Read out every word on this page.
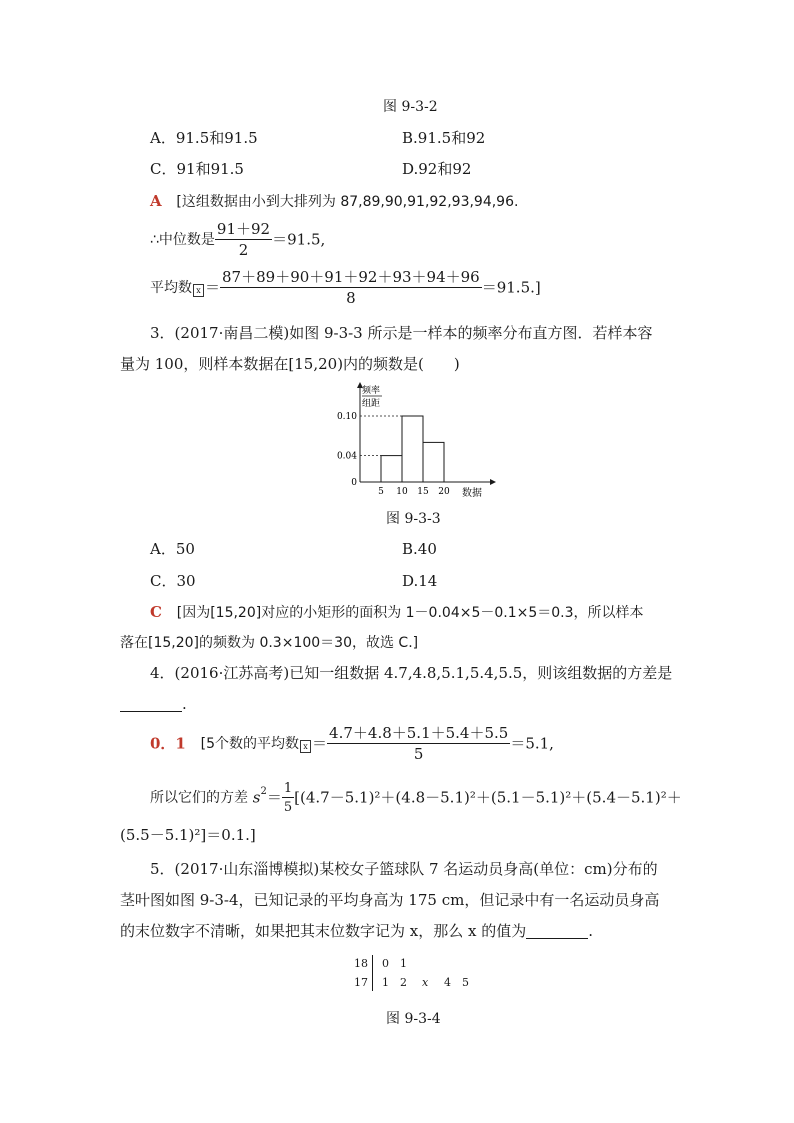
图 9-3-2
A．91.5和91.5	B.91.5和92
C．91和91.5	D.92和92
A [这组数据由小到大排列为 87,89,90,91,92,93,94,96.
∴中位数是 $\frac{91+92}{2} =91.5$,
平均数 $x = \frac{87+89+90+91+92+93+94+96}{8} =91.5$.]
3．(2017·南昌二模)如图 9-3-3 所示是一样本的频率分布直方图．若样本容
量为 100，则样本数据在[15,20)内的频数是(　　)
频率
组距
0.10
0.04
0
5 10 15 20 数据
图 9-3-3
A．50	B.40
C．30	D.14
C [因为[15,20]对应的小矩形的面积为 1－0.04×5－0.1×5＝0.3，所以样本
落在[15,20]的频数为 0.3×100＝30，故选 C.]
4．(2016·江苏高考)已知一组数据 4.7,4.8,5.1,5.4,5.5，则该组数据的方差是
.
0．1 [5个数的平均数 $x = \frac{4.7+4.8+5.1+5.4+5.5}{5} =5.1$,
所以它们的方差 $s^2= \frac{1}{5} [(4.7-5.1)^2+(4.8-5.1)^2+(5.1-5.1)^2+(5.4-5.1)^2+$
(5.5－5.1)²]＝0.1.]
5．(2017·山东淄博模拟)某校女子篮球队 7 名运动员身高(单位：cm)分布的
茎叶图如图 9-3-4，已知记录的平均身高为 175 cm，但记录中有一名运动员身高
的末位数字不清晰，如果把其末位数字记为 x，那么 x 的值为	.
18 0 1
17 1 2 x 4 5
图 9-3-4
